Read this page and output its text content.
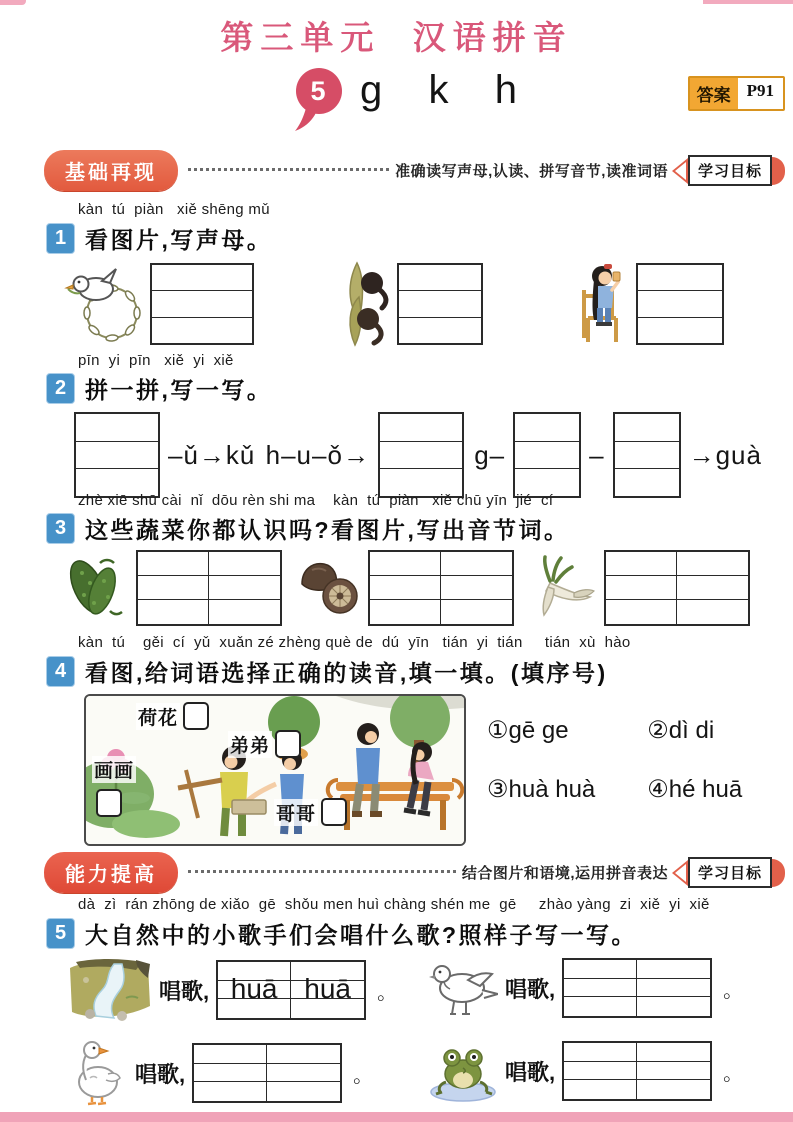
第三单元  汉语拼音
5 g  k  h	答案 P91
基础再现	准确读写声母,认读、拼写音节,读准词语	学习目标
kàn  tú  piàn   xiě shēng mǔ
1 看图片,写声母。
pīn  yi  pīn   xiě  yi  xiě
2 拼一拼,写一写。
–ǔ→kǔ h–u–ǒ→	g–	–	→guà
zhè xiē shū cài  nǐ  dōu rèn shi ma    kàn  tú  piàn   xiě chū yīn  jié  cí
3 这些蔬菜你都认识吗?看图片,写出音节词。
kàn  tú    gěi  cí  yǔ  xuǎn zé zhèng què de  dú  yīn   tián  yi  tián     tián  xù  hào
4 看图,给词语选择正确的读音,填一填。(填序号)
荷花
弟弟
画画
哥哥
①gē ge	②dì di
③huà huà ④hé huā
能力提高	结合图片和语境,运用拼音表达	学习目标
dà  zì  rán zhōng de xiǎo  gē  shǒu men huì chàng shén me  gē     zhào yàng  zi  xiě  yi  xiě
5 大自然中的小歌手们会唱什么歌?照样子写一写。
唱歌, huā huā 。	唱歌,	。
唱歌,	。	唱歌,	。
